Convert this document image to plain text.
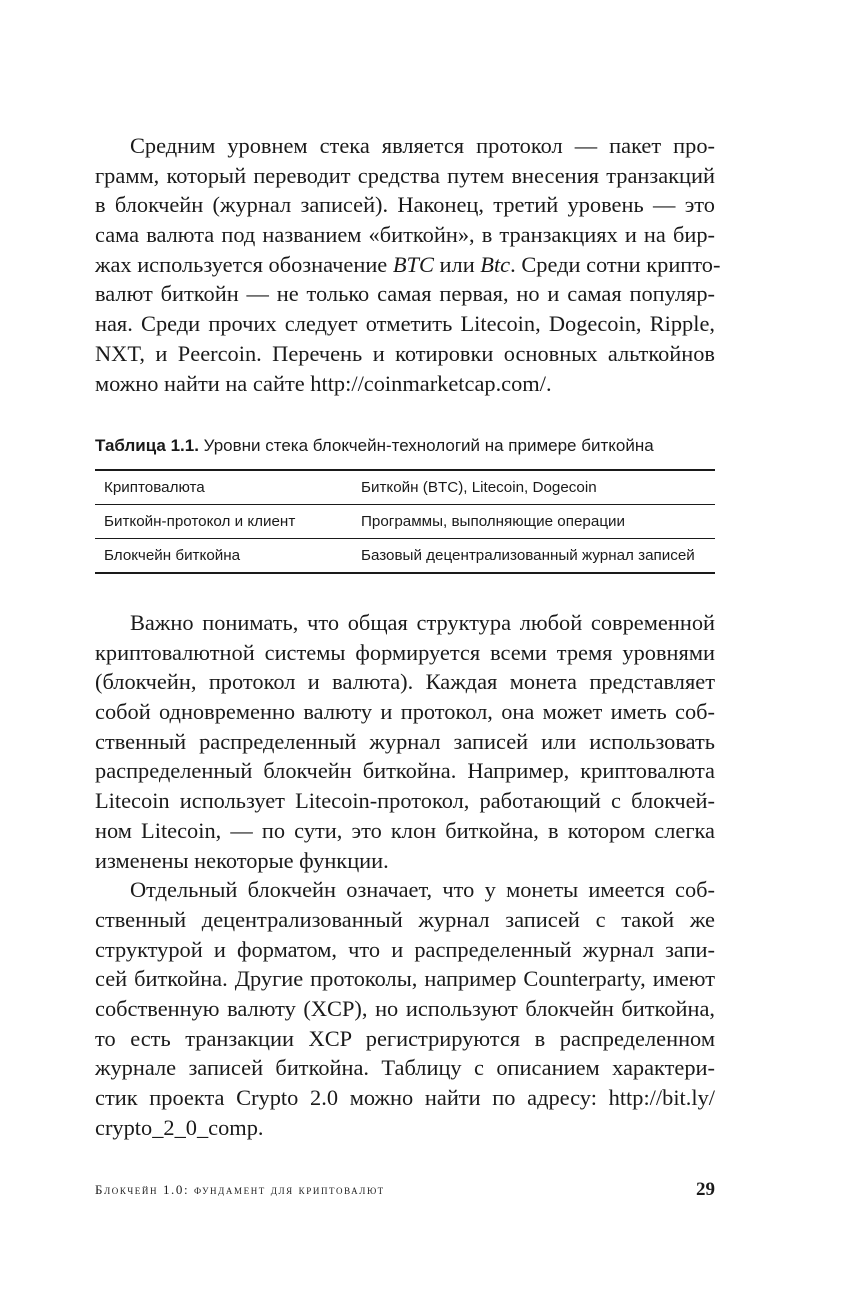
Средним уровнем стека является протокол — пакет про-
грамм, который переводит средства путем внесения транзакций
в блокчейн (журнал записей). Наконец, третий уровень — это
сама валюта под названием «биткойн», в транзакциях и на бир-
жах используется обозначение BTC или Btc. Среди сотни крипто-
валют биткойн — не только самая первая, но и самая популяр-
ная. Среди прочих следует отметить Litecoin, Dogecoin, Ripple,
NXT, и Peercoin. Перечень и котировки основных альткойнов
можно найти на сайте http://coinmarketcap.com/.
Таблица 1.1. Уровни стека блокчейн-технологий на примере биткойна
Криптовалюта	Биткойн (BTC), Litecoin, Dogecoin
Биткойн-протокол и клиент	Программы, выполняющие операции
Блокчейн биткойна	Базовый децентрализованный журнал записей
Важно понимать, что общая структура любой современной
криптовалютной системы формируется всеми тремя уровнями
(блокчейн, протокол и валюта). Каждая монета представляет
собой одновременно валюту и протокол, она может иметь соб-
ственный распределенный журнал записей или использовать
распределенный блокчейн биткойна. Например, криптовалюта
Litecoin использует Litecoin-протокол, работающий с блокчей-
ном Litecoin, — по сути, это клон биткойна, в котором слегка
изменены некоторые функции.
Отдельный блокчейн означает, что у монеты имеется соб-
ственный децентрализованный журнал записей с такой же
структурой и форматом, что и распределенный журнал запи-
сей биткойна. Другие протоколы, например Counterparty, имеют
собственную валюту (XCP), но используют блокчейн биткойна,
то есть транзакции XCP регистрируются в распределенном
журнале записей биткойна. Таблицу с описанием характери-
стик проекта Crypto 2.0 можно найти по адресу: http://bit.ly/
crypto_2_0_comp.
Блокчейн 1.0: фундамент для криптовалют	29
